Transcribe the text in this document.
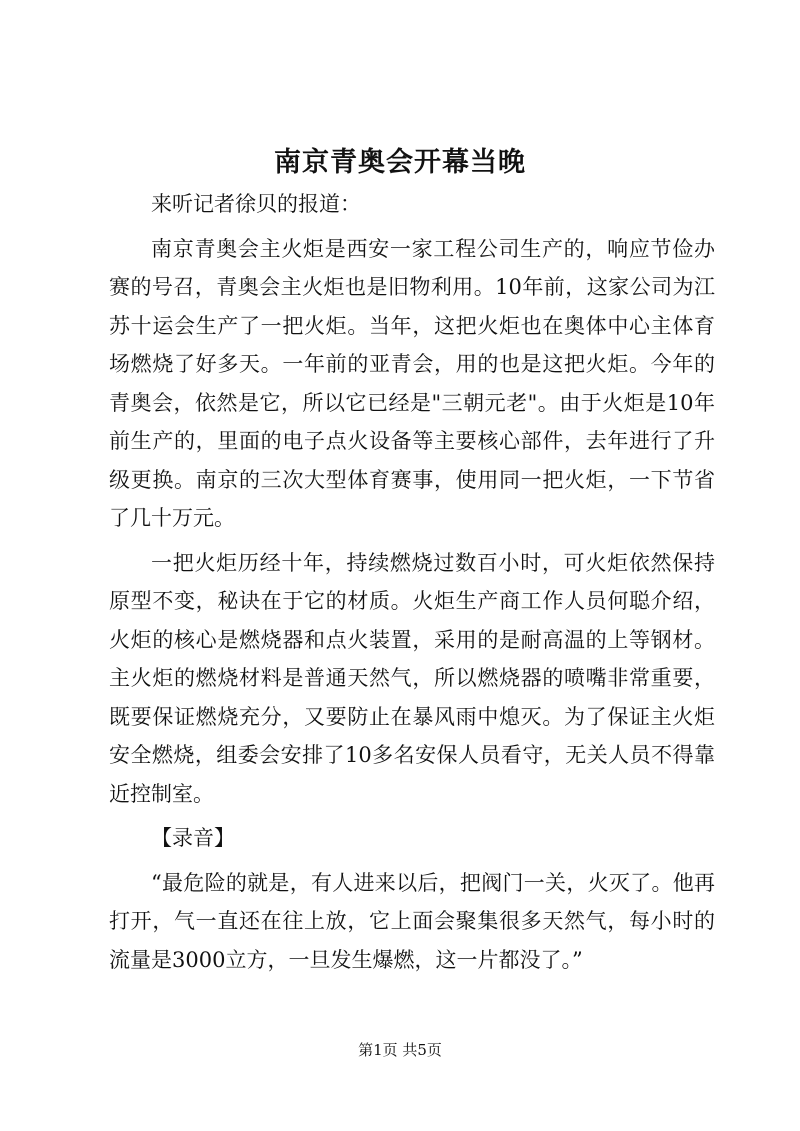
南京青奥会开幕当晚

来听记者徐贝的报道：

南京青奥会主火炬是西安一家工程公司生产的，响应节俭办赛的号召，青奥会主火炬也是旧物利用。10年前，这家公司为江苏十运会生产了一把火炬。当年，这把火炬也在奥体中心主体育场燃烧了好多天。一年前的亚青会，用的也是这把火炬。今年的青奥会，依然是它，所以它已经是"三朝元老"。由于火炬是10年前生产的，里面的电子点火设备等主要核心部件，去年进行了升级更换。南京的三次大型体育赛事，使用同一把火炬，一下节省了几十万元。

一把火炬历经十年，持续燃烧过数百小时，可火炬依然保持原型不变，秘诀在于它的材质。火炬生产商工作人员何聪介绍，火炬的核心是燃烧器和点火装置，采用的是耐高温的上等钢材。主火炬的燃烧材料是普通天然气，所以燃烧器的喷嘴非常重要，既要保证燃烧充分，又要防止在暴风雨中熄灭。为了保证主火炬安全燃烧，组委会安排了10多名安保人员看守，无关人员不得靠近控制室。

【录音】

“最危险的就是，有人进来以后，把阀门一关，火灭了。他再打开，气一直还在往上放，它上面会聚集很多天然气，每小时的流量是3000立方，一旦发生爆燃，这一片都没了。”

第1页 共5页
